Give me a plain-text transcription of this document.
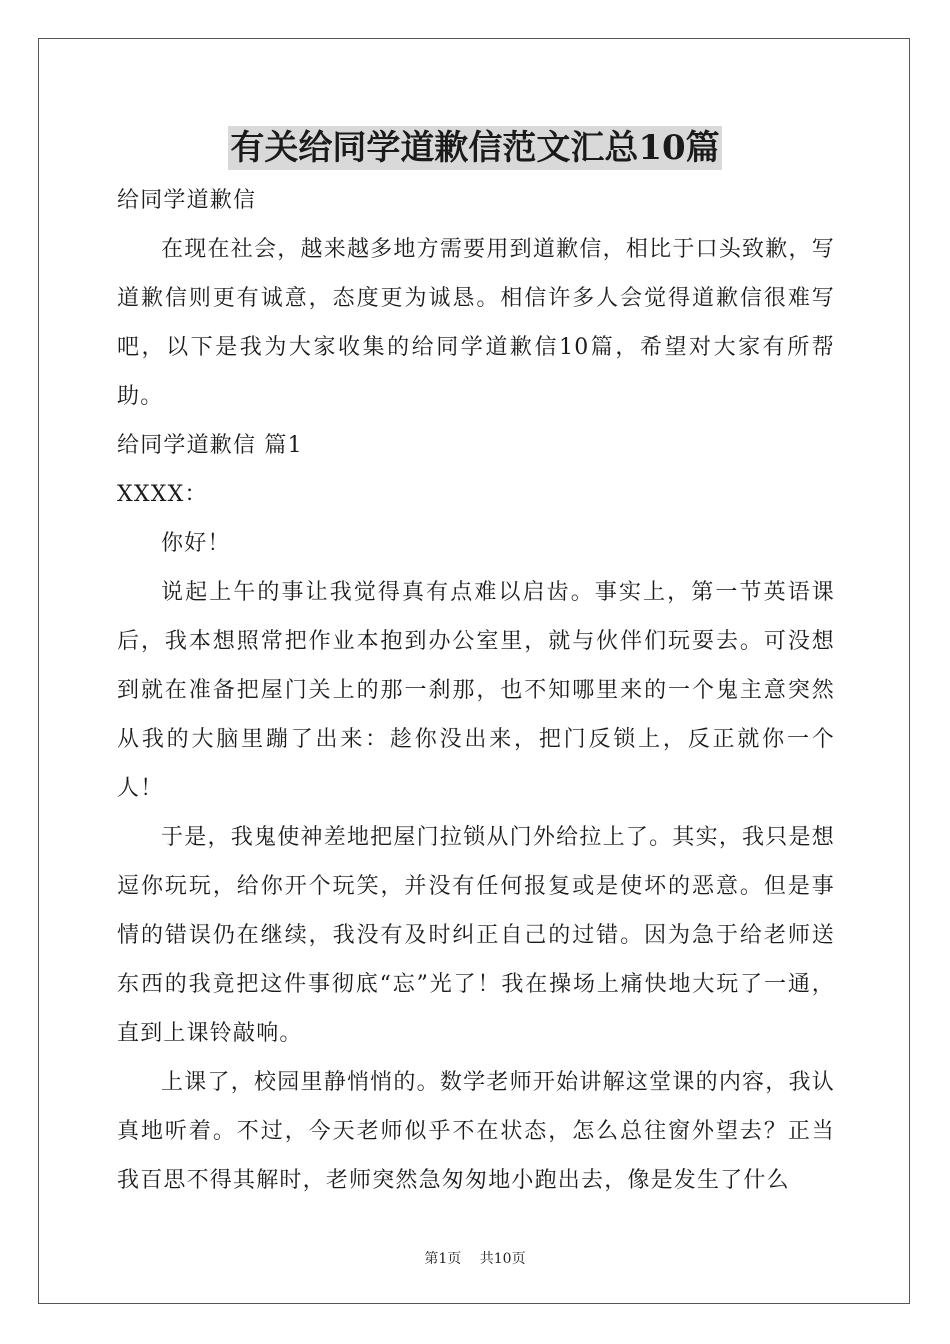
有关给同学道歉信范文汇总10篇
给同学道歉信

在现在社会，越来越多地方需要用到道歉信，相比于口头致歉，写道歉信则更有诚意，态度更为诚恳。相信许多人会觉得道歉信很难写吧，以下是我为大家收集的给同学道歉信10篇，希望对大家有所帮助。

给同学道歉信 篇1
XXXX：

你好！

说起上午的事让我觉得真有点难以启齿。事实上，第一节英语课后，我本想照常把作业本抱到办公室里，就与伙伴们玩耍去。可没想到就在准备把屋门关上的那一刹那，也不知哪里来的一个鬼主意突然从我的大脑里蹦了出来：趁你没出来，把门反锁上，反正就你一个人！

于是，我鬼使神差地把屋门拉锁从门外给拉上了。其实，我只是想逗你玩玩，给你开个玩笑，并没有任何报复或是使坏的恶意。但是事情的错误仍在继续，我没有及时纠正自己的过错。因为急于给老师送东西的我竟把这件事彻底“忘”光了！我在操场上痛快地大玩了一通，直到上课铃敲响。

上课了，校园里静悄悄的。数学老师开始讲解这堂课的内容，我认真地听着。不过，今天老师似乎不在状态，怎么总往窗外望去？正当我百思不得其解时，老师突然急匆匆地小跑出去，像是发生了什么

第1页 共10页
